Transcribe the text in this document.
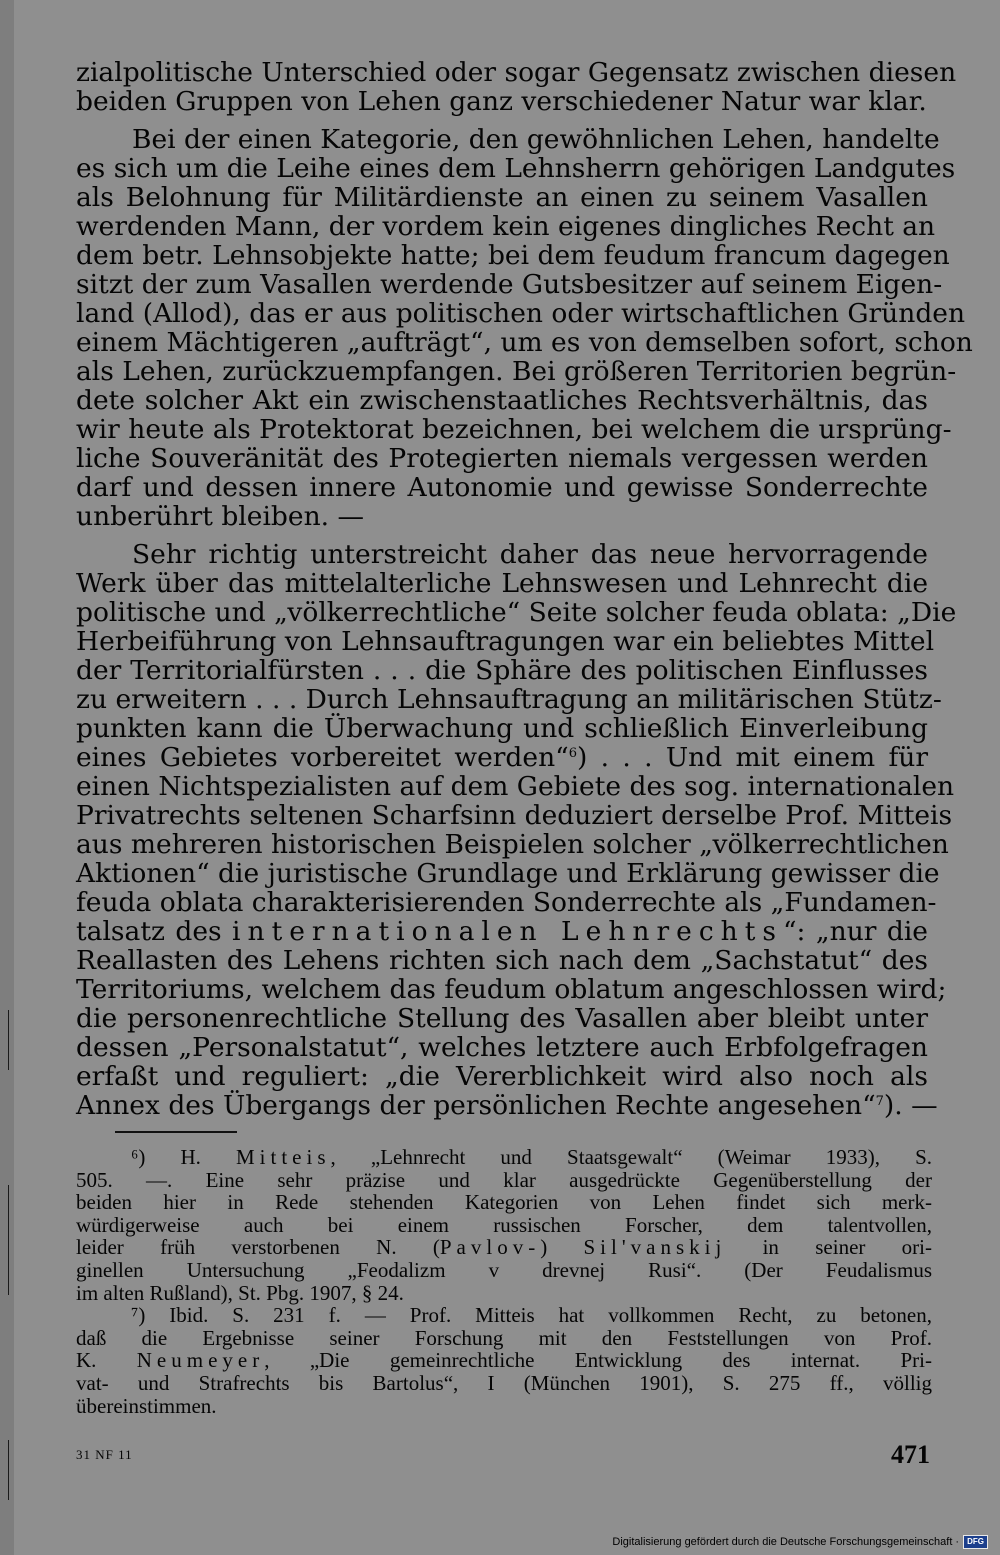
zialpolitische Unterschied oder sogar Gegensatz zwischen diesen
beiden Gruppen von Lehen ganz verschiedener Natur war klar.
Bei der einen Kategorie, den gewöhnlichen Lehen, handelte
es sich um die Leihe eines dem Lehnsherrn gehörigen Landgutes
als Belohnung für Militärdienste an einen zu seinem Vasallen
werdenden Mann, der vordem kein eigenes dingliches Recht an
dem betr. Lehnsobjekte hatte; bei dem feudum francum dagegen
sitzt der zum Vasallen werdende Gutsbesitzer auf seinem Eigen-
land (Allod), das er aus politischen oder wirtschaftlichen Gründen
einem Mächtigeren „aufträgt“, um es von demselben sofort, schon
als Lehen, zurückzuempfangen. Bei größeren Territorien begrün-
dete solcher Akt ein zwischenstaatliches Rechtsverhältnis, das
wir heute als Protektorat bezeichnen, bei welchem die ursprüng-
liche Souveränität des Protegierten niemals vergessen werden
darf und dessen innere Autonomie und gewisse Sonderrechte
unberührt bleiben. —
Sehr richtig unterstreicht daher das neue hervorragende
Werk über das mittelalterliche Lehnswesen und Lehnrecht die
politische und „völkerrechtliche“ Seite solcher feuda oblata: „Die
Herbeiführung von Lehnsauftragungen war ein beliebtes Mittel
der Territorialfürsten . . . die Sphäre des politischen Einflusses
zu erweitern . . . Durch Lehnsauftragung an militärischen Stütz-
punkten kann die Überwachung und schließlich Einverleibung
eines Gebietes vorbereitet werden“$^6$) . . . Und mit einem für
einen Nichtspezialisten auf dem Gebiete des sog. internationalen
Privatrechts seltenen Scharfsinn deduziert derselbe Prof. Mitteis
aus mehreren historischen Beispielen solcher „völkerrechtlichen
Aktionen“ die juristische Grundlage und Erklärung gewisser die
feuda oblata charakterisierenden Sonderrechte als „Fundamen-
talsatz des internationalen Lehnrechts“: „nur die
Reallasten des Lehens richten sich nach dem „Sachstatut“ des
Territoriums, welchem das feudum oblatum angeschlossen wird;
die personenrechtliche Stellung des Vasallen aber bleibt unter
dessen „Personalstatut“, welches letztere auch Erbfolgefragen
erfaßt und reguliert: „die Vererblichkeit wird also noch als
Annex des Übergangs der persönlichen Rechte angesehen“$^7$). —
⁶) H. Mitteis, „Lehnrecht und Staatsgewalt“ (Weimar 1933), S.
505. —. Eine sehr präzise und klar ausgedrückte Gegenüberstellung der
beiden hier in Rede stehenden Kategorien von Lehen findet sich merk-
würdigerweise auch bei einem russischen Forscher, dem talentvollen,
leider früh verstorbenen N. (Pavlov-) Sil'vanskij in seiner ori-
ginellen Untersuchung „Feodalizm v drevnej Rusi“. (Der Feudalismus
im alten Rußland), St. Pbg. 1907, § 24.
⁷) Ibid. S. 231 f. — Prof. Mitteis hat vollkommen Recht, zu betonen,
daß die Ergebnisse seiner Forschung mit den Feststellungen von Prof.
K. Neumeyer, „Die gemeinrechtliche Entwicklung des internat. Pri-
vat- und Strafrechts bis Bartolus“, I (München 1901), S. 275 ff., völlig
übereinstimmen.
31 NF 11	471
Digitalisierung gefördert durch die Deutsche Forschungsgemeinschaft ·	DFG
